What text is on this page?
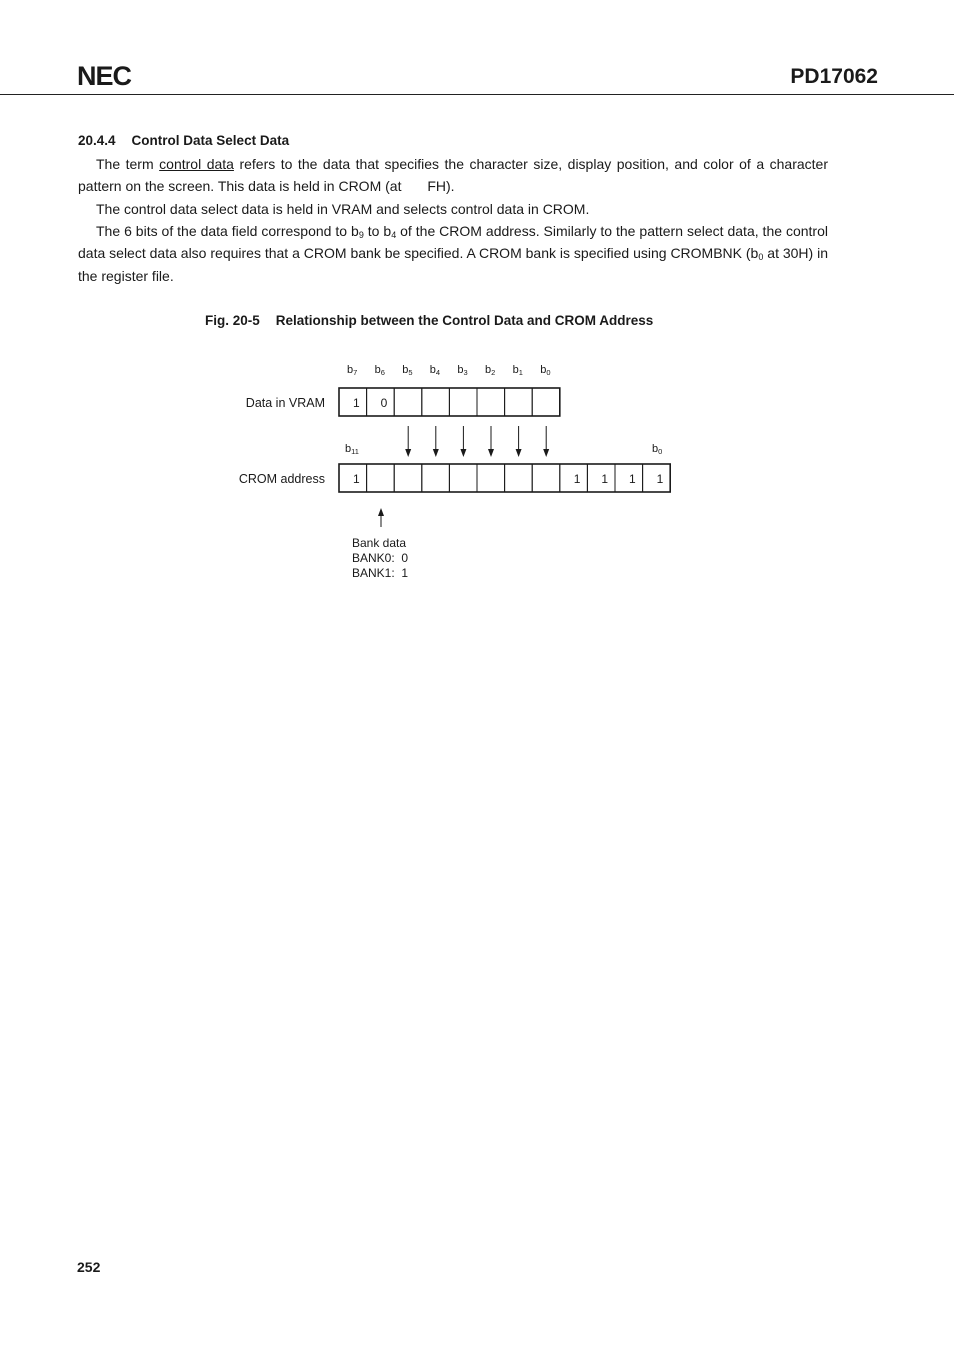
NEC	PD17062
20.4.4 Control Data Select Data
The term control data refers to the data that specifies the character size, display position, and color of a character pattern on the screen. This data is held in CROM (at FH).
The control data select data is held in VRAM and selects control data in CROM.
The 6 bits of the data field correspond to $b_9$ to $b_4$ of the CROM address. Similarly to the pattern select data, the control data select data also requires that a CROM bank be specified. A CROM bank is specified using CROMBNK ($b_0$ at 30H) in the register file.
Fig. 20-5 Relationship between the Control Data and CROM Address
Data in VRAM
CROM address
b7 b6 b5 b4 b3 b2 b1 b0
1 0
b11	b0
1	1 1 1 1
Bank data
BANK0:  0
BANK1:  1
252
